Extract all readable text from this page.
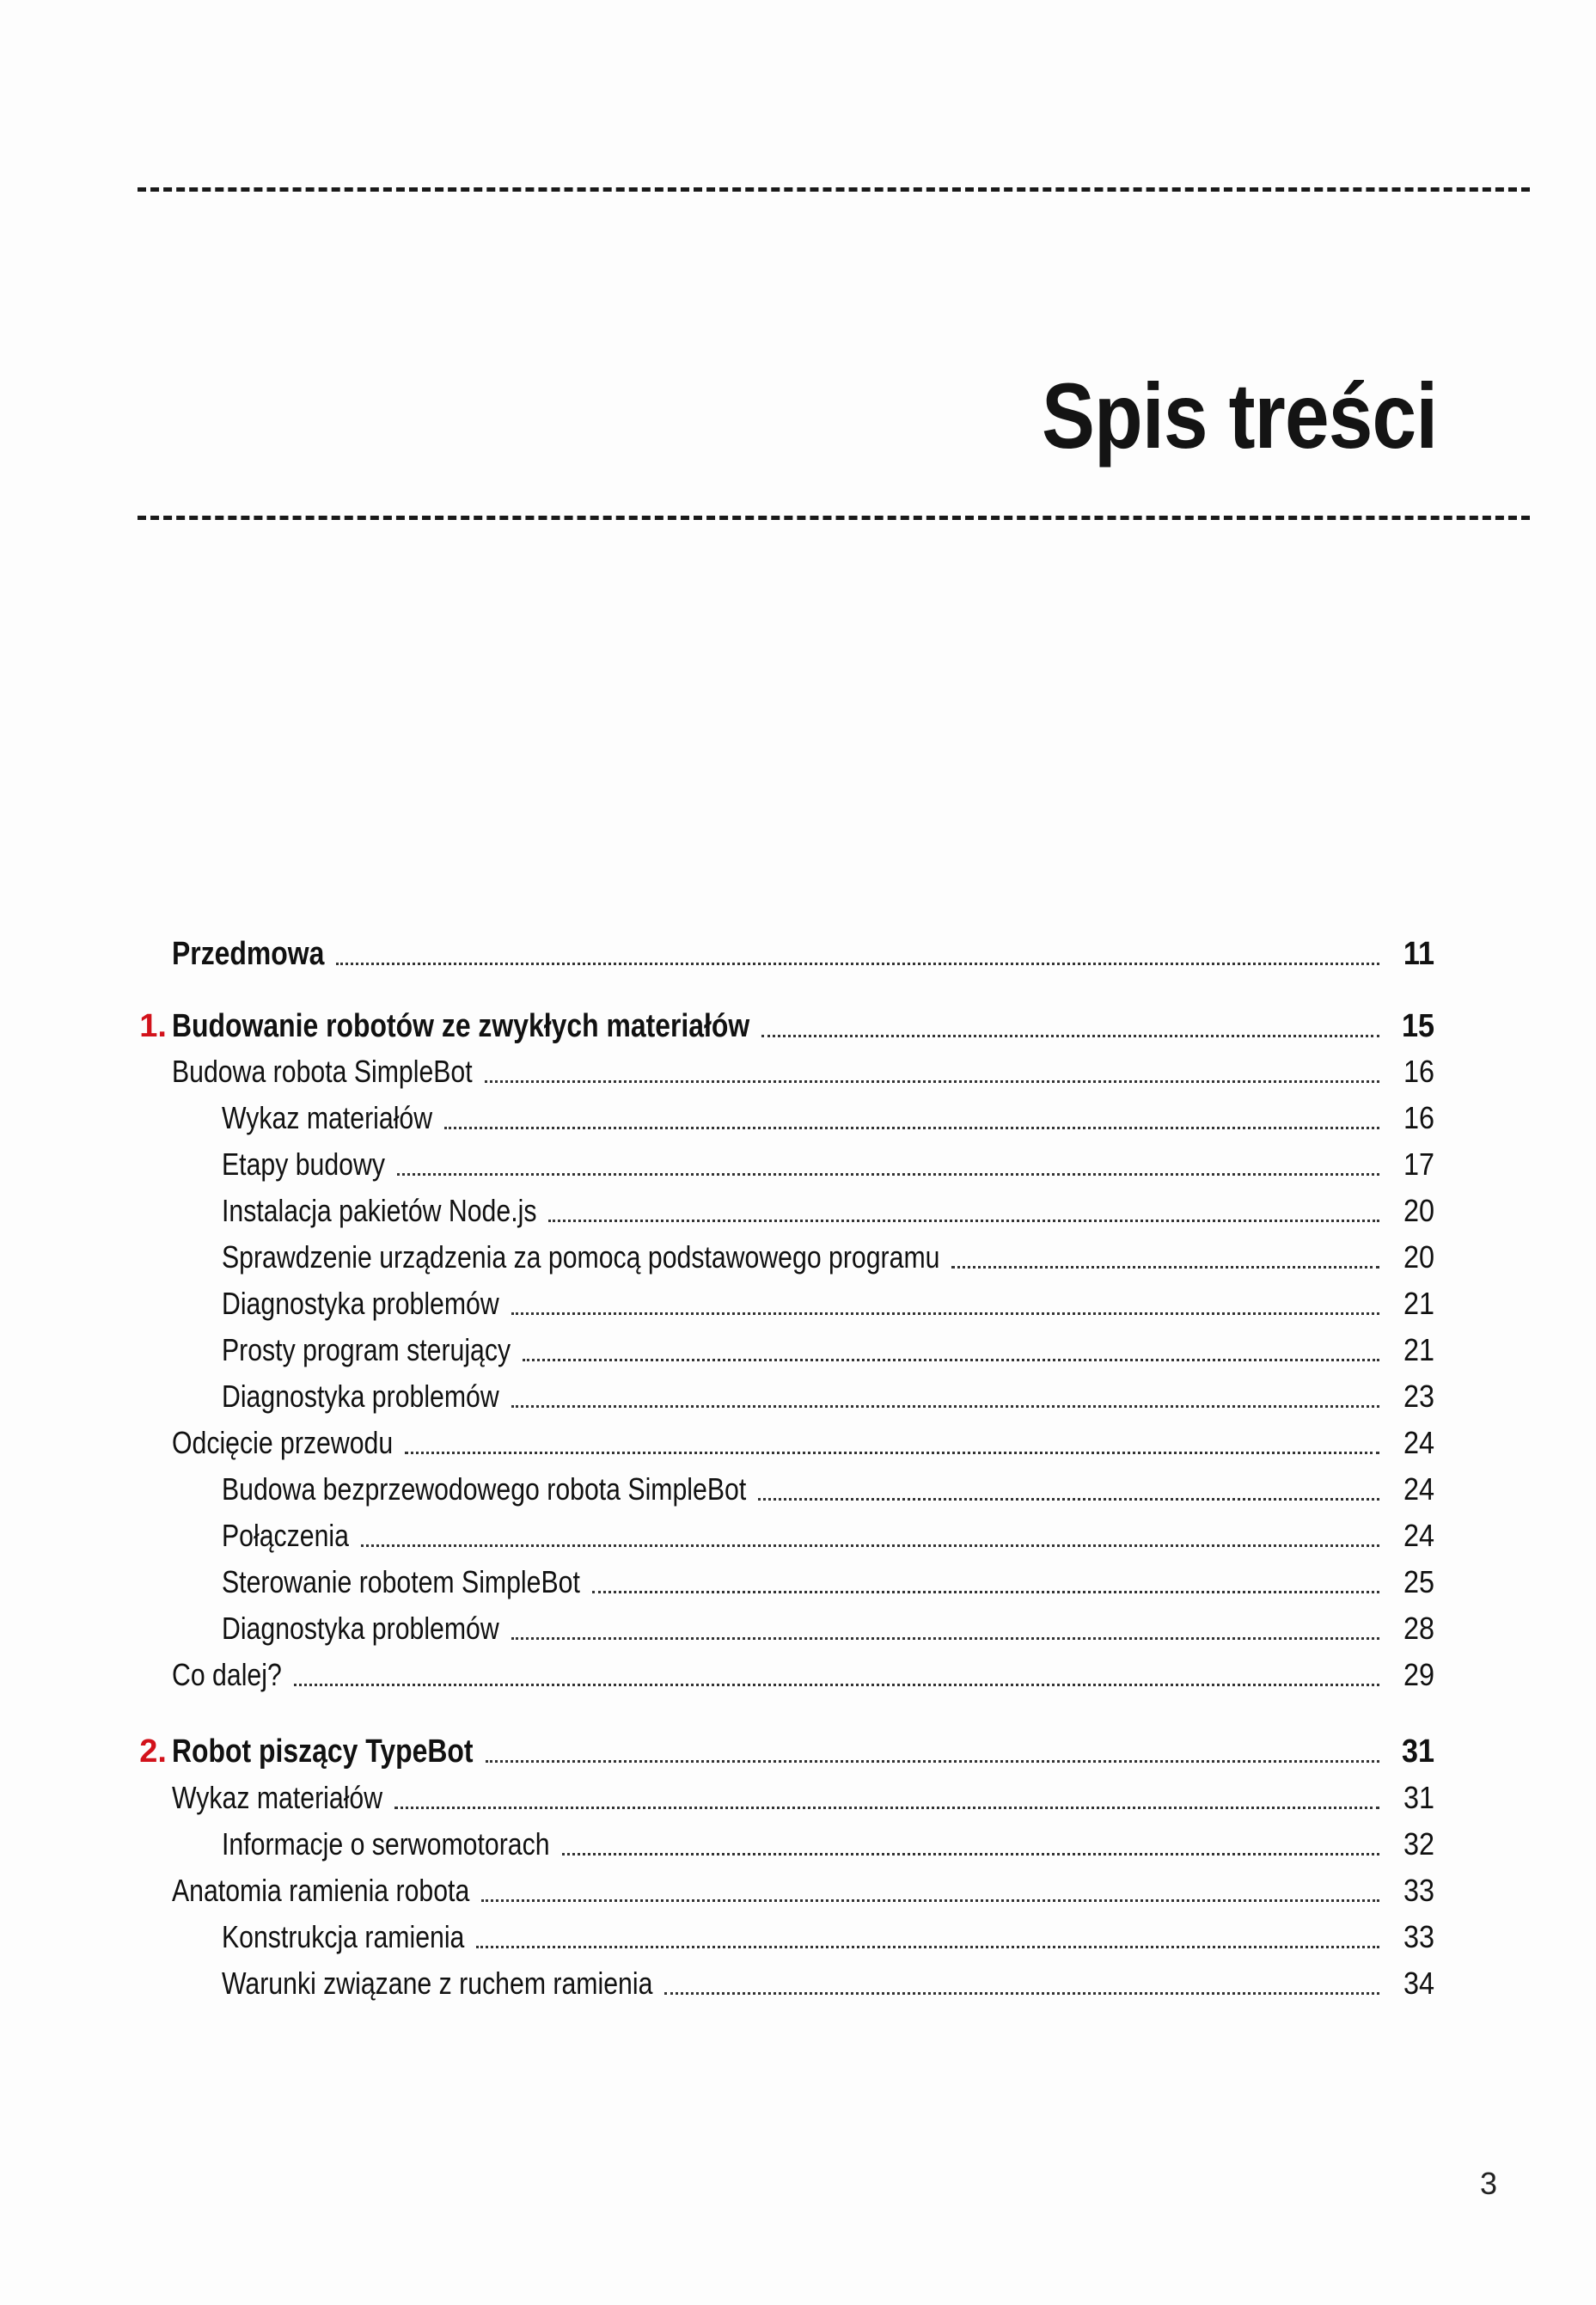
Spis treści
Przedmowa	11
1. Budowanie robotów ze zwykłych materiałów	15
Budowa robota SimpleBot	16
Wykaz materiałów	16
Etapy budowy	17
Instalacja pakietów Node.js	20
Sprawdzenie urządzenia za pomocą podstawowego programu	20
Diagnostyka problemów	21
Prosty program sterujący	21
Diagnostyka problemów	23
Odcięcie przewodu	24
Budowa bezprzewodowego robota SimpleBot	24
Połączenia	24
Sterowanie robotem SimpleBot	25
Diagnostyka problemów	28
Co dalej?	29
2. Robot piszący TypeBot	31
Wykaz materiałów	31
Informacje o serwomotorach	32
Anatomia ramienia robota	33
Konstrukcja ramienia	33
Warunki związane z ruchem ramienia	34
3
